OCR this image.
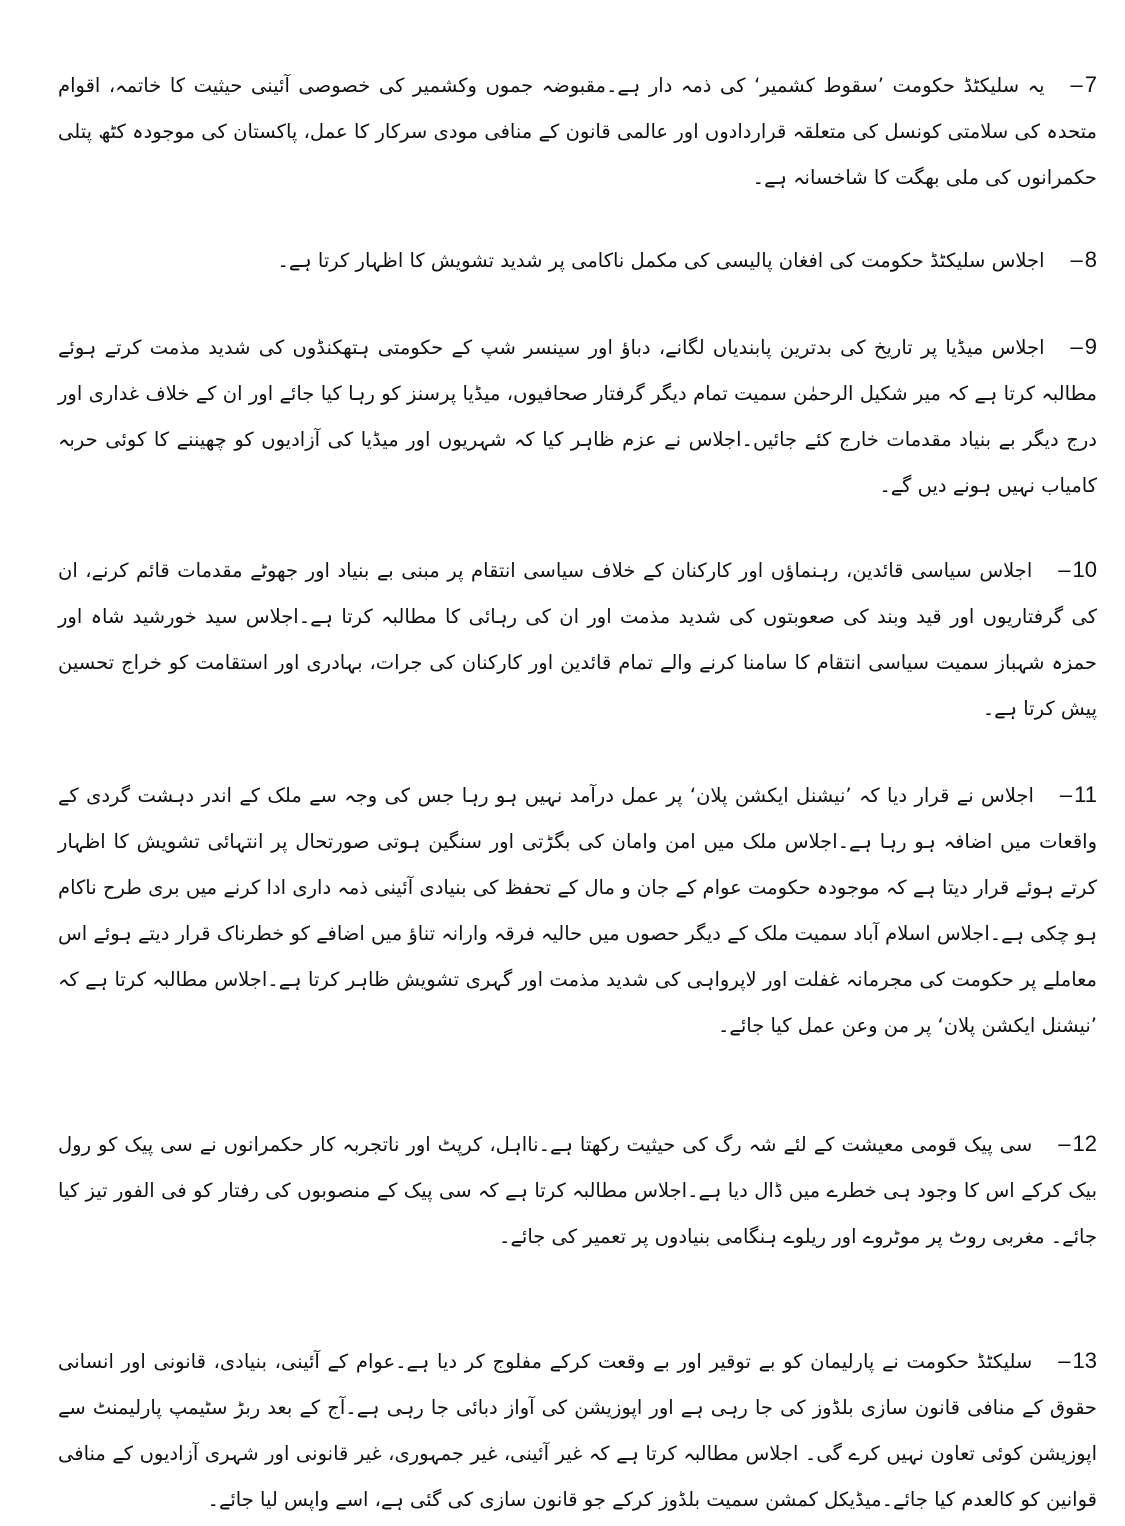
7 –یہ سلیکٹڈ حکومت ’سقوط کشمیر‘ کی ذمہ دار ہے۔مقبوضہ جموں وکشمیر کی خصوصی آئینی حیثیت کا خاتمہ، اقوام متحدہ کی سلامتی کونسل کی متعلقہ قراردادوں اور عالمی قانون کے منافی مودی سرکار کا عمل، پاکستان کی موجودہ کٹھ پتلی حکمرانوں کی ملی بھگت کا شاخسانہ ہے۔

8 –اجلاس سلیکٹڈ حکومت کی افغان پالیسی کی مکمل ناکامی پر شدید تشویش کا اظہار کرتا ہے۔

9 –اجلاس میڈیا پر تاریخ کی بدترین پابندیاں لگانے، دباؤ اور سینسر شپ کے حکومتی ہتھکنڈوں کی شدید مذمت کرتے ہوئے مطالبہ کرتا ہے کہ میر شکیل الرحمٰن سمیت تمام دیگر گرفتار صحافیوں، میڈیا پرسنز کو رہا کیا جائے اور ان کے خلاف غداری اور درج دیگر بے بنیاد مقدمات خارج کئے جائیں۔اجلاس نے عزم ظاہر کیا کہ شہریوں اور میڈیا کی آزادیوں کو چھیننے کا کوئی حربہ کامیاب نہیں ہونے دیں گے۔

10 –اجلاس سیاسی قائدین، رہنماؤں اور کارکنان کے خلاف سیاسی انتقام پر مبنی بے بنیاد اور جھوٹے مقدمات قائم کرنے، ان کی گرفتاریوں اور قید وبند کی صعوبتوں کی شدید مذمت اور ان کی رہائی کا مطالبہ کرتا ہے۔اجلاس سید خورشید شاہ اور حمزہ شہباز سمیت سیاسی انتقام کا سامنا کرنے والے تمام قائدین اور کارکنان کی جرات، بہادری اور استقامت کو خراج تحسین پیش کرتا ہے۔

11 –اجلاس نے قرار دیا کہ ’نیشنل ایکشن پلان‘ پر عمل درآمد نہیں ہو رہا جس کی وجہ سے ملک کے اندر دہشت گردی کے واقعات میں اضافہ ہو رہا ہے۔اجلاس ملک میں امن وامان کی بگڑتی اور سنگین ہوتی صورتحال پر انتہائی تشویش کا اظہار کرتے ہوئے قرار دیتا ہے کہ موجودہ حکومت عوام کے جان و مال کے تحفظ کی بنیادی آئینی ذمہ داری ادا کرنے میں بری طرح ناکام ہو چکی ہے۔اجلاس اسلام آباد سمیت ملک کے دیگر حصوں میں حالیہ فرقہ وارانہ تناؤ میں اضافے کو خطرناک قرار دیتے ہوئے اس معاملے پر حکومت کی مجرمانہ غفلت اور لاپرواہی کی شدید مذمت اور گہری تشویش ظاہر کرتا ہے۔اجلاس مطالبہ کرتا ہے کہ ’نیشنل ایکشن پلان‘ پر من وعن عمل کیا جائے۔

12 –سی پیک قومی معیشت کے لئے شہ رگ کی حیثیت رکھتا ہے۔نااہل، کرپٹ اور ناتجربہ کار حکمرانوں نے سی پیک کو رول بیک کرکے اس کا وجود ہی خطرے میں ڈال دیا ہے۔اجلاس مطالبہ کرتا ہے کہ سی پیک کے منصوبوں کی رفتار کو فی الفور تیز کیا جائے۔ مغربی روٹ پر موٹروے اور ریلوے ہنگامی بنیادوں پر تعمیر کی جائے۔

13 –سلیکٹڈ حکومت نے پارلیمان کو بے توقیر اور بے وقعت کرکے مفلوج کر دیا ہے۔عوام کے آئینی، بنیادی، قانونی اور انسانی حقوق کے منافی قانون سازی بلڈوز کی جا رہی ہے اور اپوزیشن کی آواز دبائی جا رہی ہے۔آج کے بعد ربڑ سٹیمپ پارلیمنٹ سے اپوزیشن کوئی تعاون نہیں کرے گی۔ اجلاس مطالبہ کرتا ہے کہ غیر آئینی، غیر جمہوری، غیر قانونی اور شہری آزادیوں کے منافی قوانین کو کالعدم کیا جائے۔میڈیکل کمشن سمیت بلڈوز کرکے جو قانون سازی کی گئی ہے، اسے واپس لیا جائے۔
